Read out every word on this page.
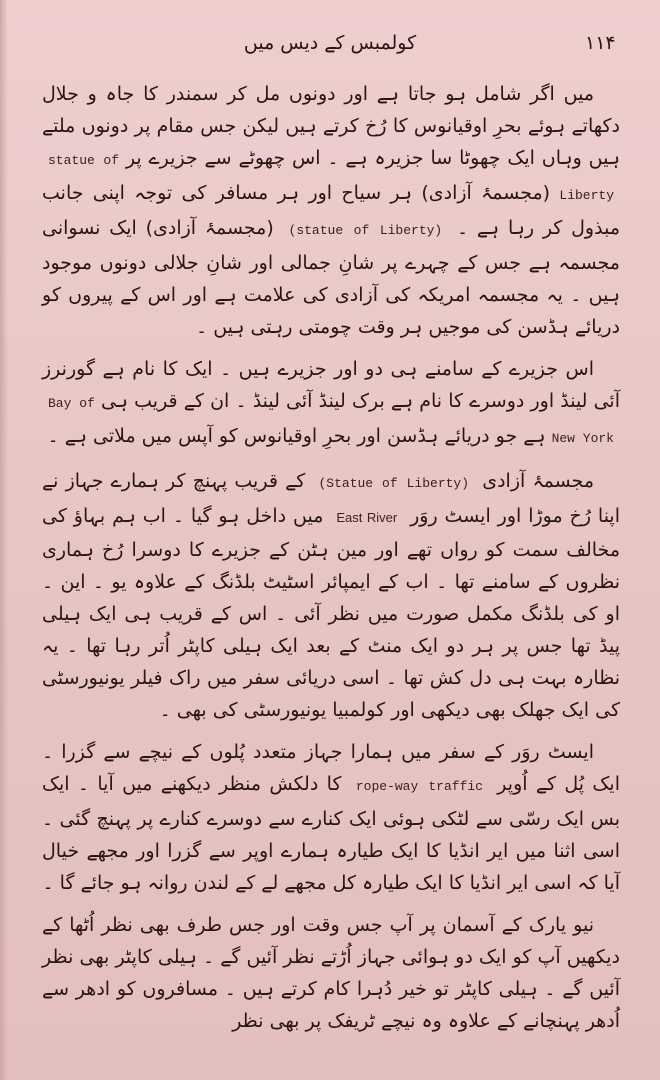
کولمبس کے دیس میں	۱۱۴

میں اگر شامل ہو جاتا ہے اور دونوں مل کر سمندر کا جاہ و جلال دکھاتے ہوئے بحرِ اوقیانوس کا رُخ کرتے ہیں لیکن جس مقام پر دونوں ملتے ہیں وہاں ایک چھوٹا سا جزیرہ ہے ۔ اس چھوٹے سے جزیرے پر statue of Liberty (مجسمۂ آزادی) ہر سیاح اور ہر مسافر کی توجہ اپنی جانب مبذول کر رہا ہے ۔ (statue of Liberty) (مجسمۂ آزادی) ایک نسوانی مجسمہ ہے جس کے چہرے پر شانِ جمالی اور شانِ جلالی دونوں موجود ہیں ۔ یہ مجسمہ امریکہ کی آزادی کی علامت ہے اور اس کے پیروں کو دریائے ہڈسن کی موجیں ہر وقت چومتی رہتی ہیں ۔

اس جزیرے کے سامنے ہی دو اور جزیرے ہیں ۔ ایک کا نام ہے گورنرز آئی لینڈ اور دوسرے کا نام ہے برک لینڈ آئی لینڈ ۔ ان کے قریب ہی Bay of New York ہے جو دریائے ہڈسن اور بحرِ اوقیانوس کو آپس میں ملاتی ہے ۔

مجسمۂ آزادی (Statue of Liberty) کے قریب پہنچ کر ہمارے جہاز نے اپنا رُخ موڑا اور ایسٹ روَر East River میں داخل ہو گیا ۔ اب ہم بہاؤ کی مخالف سمت کو رواں تھے اور مین ہٹن کے جزیرے کا دوسرا رُخ ہماری نظروں کے سامنے تھا ۔ اب کے ایمپائر اسٹیٹ بلڈنگ کے علاوہ یو ۔ این ۔ او کی بلڈنگ مکمل صورت میں نظر آئی ۔ اس کے قریب ہی ایک ہیلی پیڈ تھا جس پر ہر دو ایک منٹ کے بعد ایک ہیلی کاپٹر اُتر رہا تھا ۔ یہ نظارہ بہت ہی دل کش تھا ۔ اسی دریائی سفر میں راک فیلر یونیورسٹی کی ایک جھلک بھی دیکھی اور کولمبیا یونیورسٹی کی بھی ۔

ایسٹ روَر کے سفر میں ہمارا جہاز متعدد پُلوں کے نیچے سے گزرا ۔ ایک پُل کے اُوپر rope-way traffic کا دلکش منظر دیکھنے میں آیا ۔ ایک بس ایک رسّی سے لٹکی ہوئی ایک کنارے سے دوسرے کنارے پر پہنچ گئی ۔ اسی اثنا میں ایر انڈیا کا ایک طیارہ ہمارے اوپر سے گزرا اور مجھے خیال آیا کہ اسی ایر انڈیا کا ایک طیارہ کل مجھے لے کے لندن روانہ ہو جائے گا ۔

نیو یارک کے آسمان پر آپ جس وقت اور جس طرف بھی نظر اُٹھا کے دیکھیں آپ کو ایک دو ہوائی جہاز اُڑتے نظر آئیں گے ۔ ہیلی کاپٹر بھی نظر آئیں گے ۔ ہیلی کاپٹر تو خیر دُہرا کام کرتے ہیں ۔ مسافروں کو ادھر سے اُدھر پہنچانے کے علاوہ وہ نیچے ٹریفک پر بھی نظر
